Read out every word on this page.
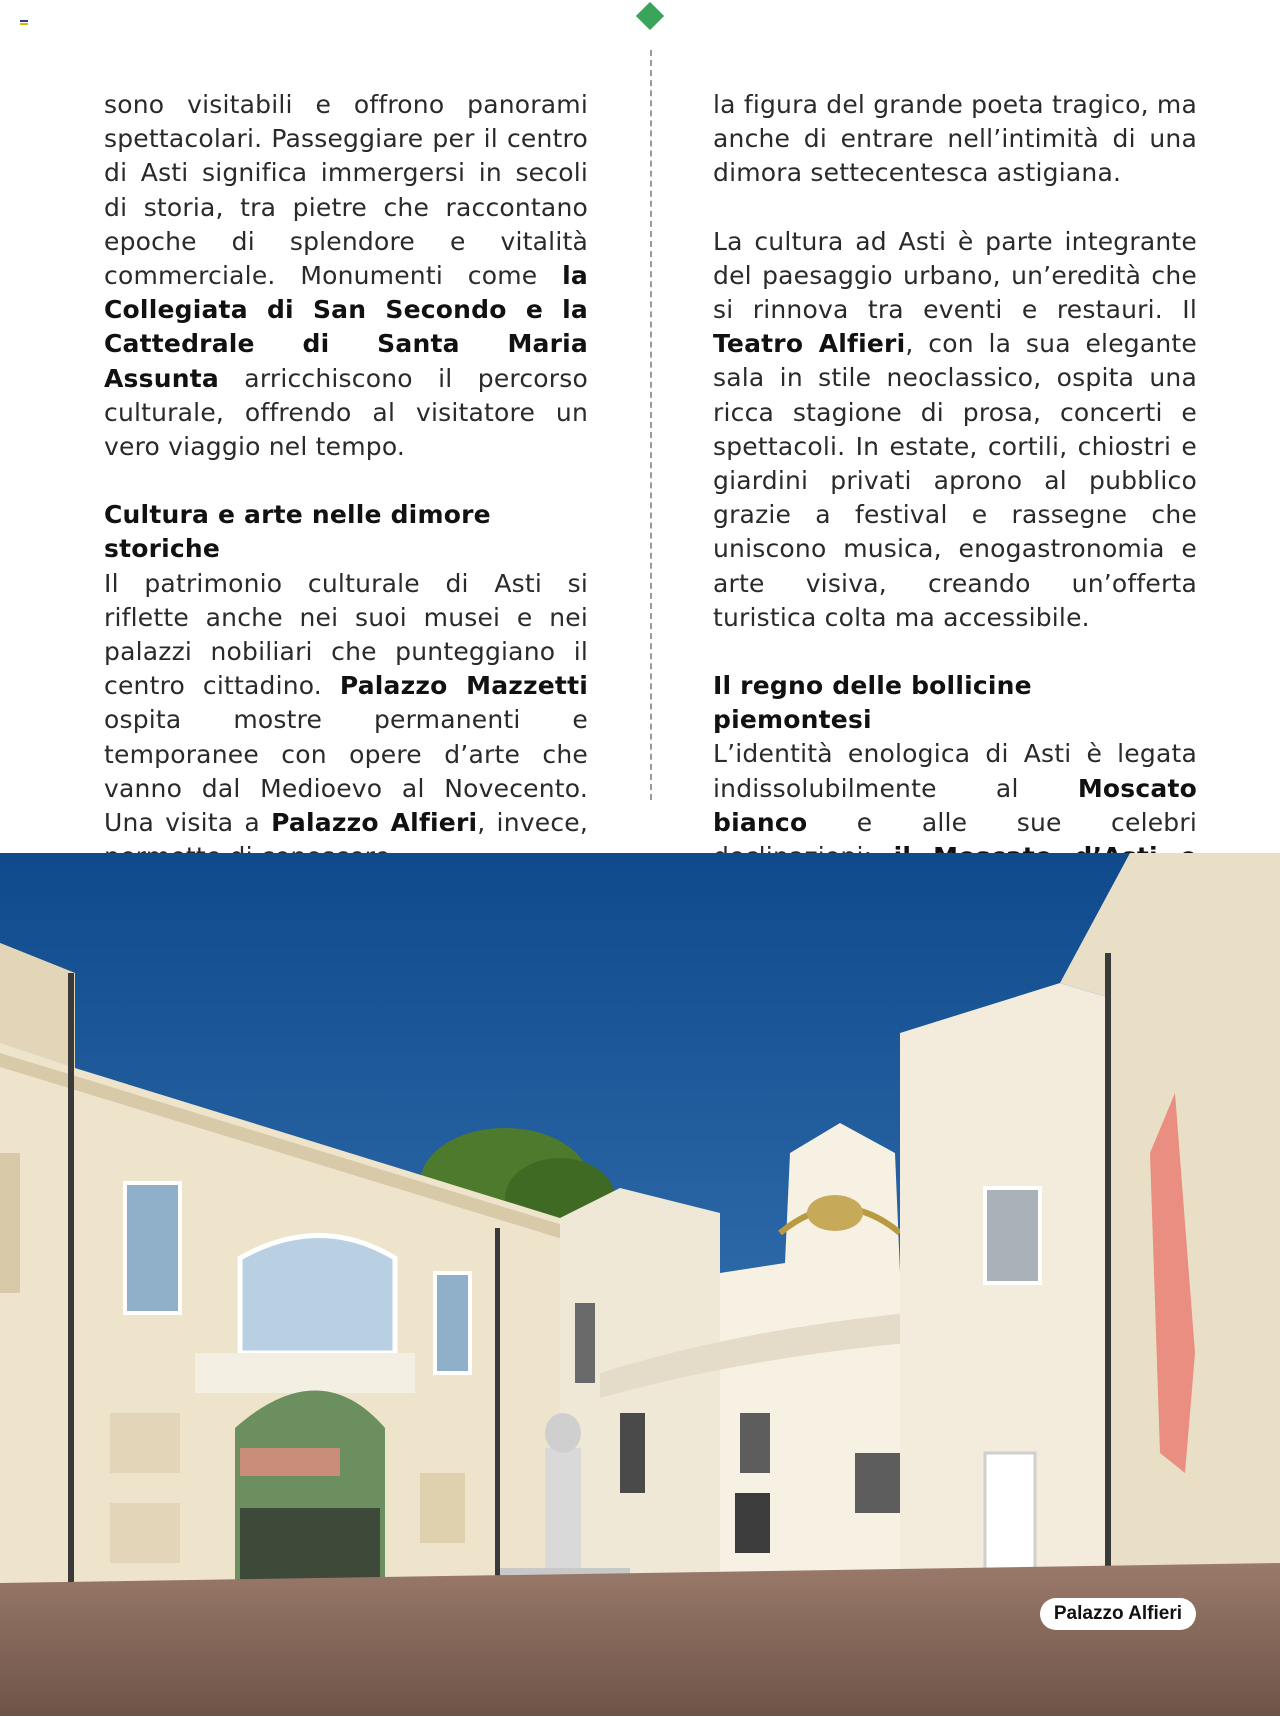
sono visitabili e offrono panorami spettacolari. Passeggiare per il centro di Asti significa immergersi in secoli di storia, tra pietre che raccontano epoche di splendore e vitalità commerciale. Monumenti come la Collegiata di San Secondo e la Cattedrale di Santa Maria Assunta arricchiscono il percorso culturale, offrendo al visitatore un vero viaggio nel tempo.

Cultura e arte nelle dimore storiche

Il patrimonio culturale di Asti si riflette anche nei suoi musei e nei palazzi nobiliari che punteggiano il centro cittadino. Palazzo Mazzetti ospita mostre permanenti e temporanee con opere d’arte che vanno dal Medioevo al Novecento. Una visita a Palazzo Alfieri, invece,

la figura del grande poeta tragico, ma anche di entrare nell’intimità di una dimora settecentesca astigiana.

La cultura ad Asti è parte integrante del paesaggio urbano, un’eredità che si rinnova tra eventi e restauri. Il Teatro Alfieri, con la sua elegante sala in stile neoclassico, ospita una ricca stagione di prosa, concerti e spettacoli. In estate, cortili, chiostri e giardini privati aprono al pubblico grazie a festival e rassegne che uniscono musica, enogastronomia e arte visiva, creando un’offerta turistica colta ma accessibile.

Il regno delle bollicine piemontesi

L’identità enologica di Asti è legata indissolubilmente al Moscato bianco e alle sue celebri

Palazzo Alfieri
